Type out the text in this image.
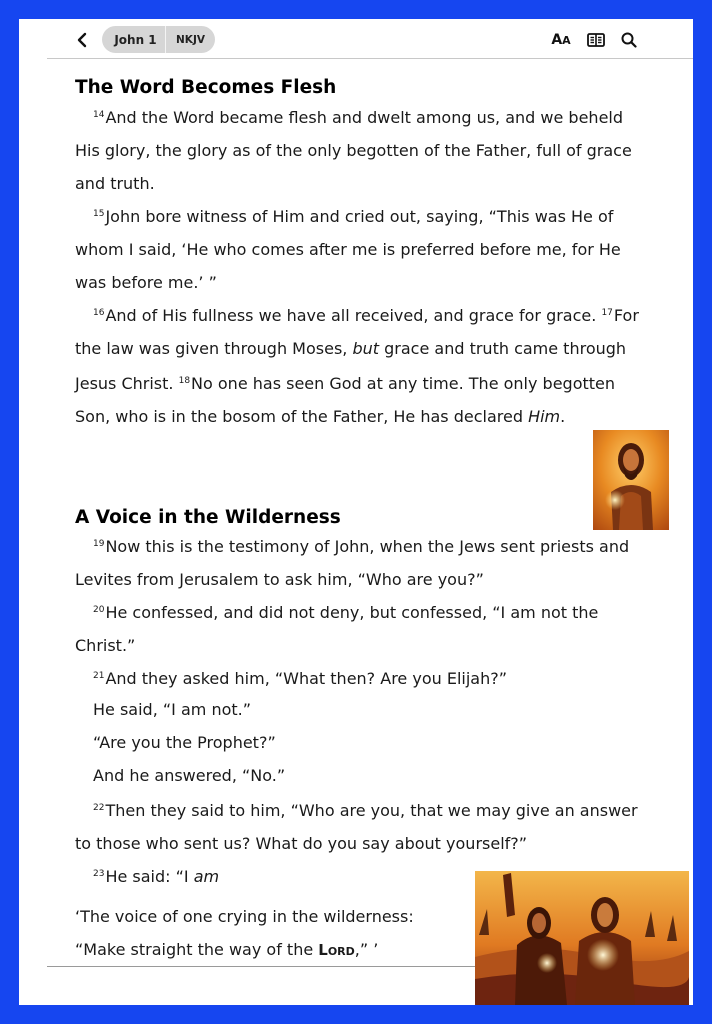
John 1	NKJV	A A
The Word Becomes Flesh
$^{14}$And the Word became flesh and dwelt among us, and we beheld His glory, the glory as of the only begotten of the Father, full of grace and truth.
$^{15}$John bore witness of Him and cried out, saying, “This was He of whom I said, ‘He who comes after me is preferred before me, for He was before me.’ ”
$^{16}$And of His fullness we have all received, and grace for grace. $^{17}$For the law was given through Moses, but grace and truth came through Jesus Christ. $^{18}$No one has seen God at any time. The only begotten Son, who is in the bosom of the Father, He has declared Him.
A Voice in the Wilderness
$^{19}$Now this is the testimony of John, when the Jews sent priests and Levites from Jerusalem to ask him, “Who are you?”
$^{20}$He confessed, and did not deny, but confessed, “I am not the Christ.”
$^{21}$And they asked him, “What then? Are you Elijah?”
He said, “I am not.”
“Are you the Prophet?”
And he answered, “No.”
$^{22}$Then they said to him, “Who are you, that we may give an answer to those who sent us? What do you say about yourself?”
$^{23}$He said: “I am
‘The voice of one crying in the wilderness:
“Make straight the way of the Lord,” ’
